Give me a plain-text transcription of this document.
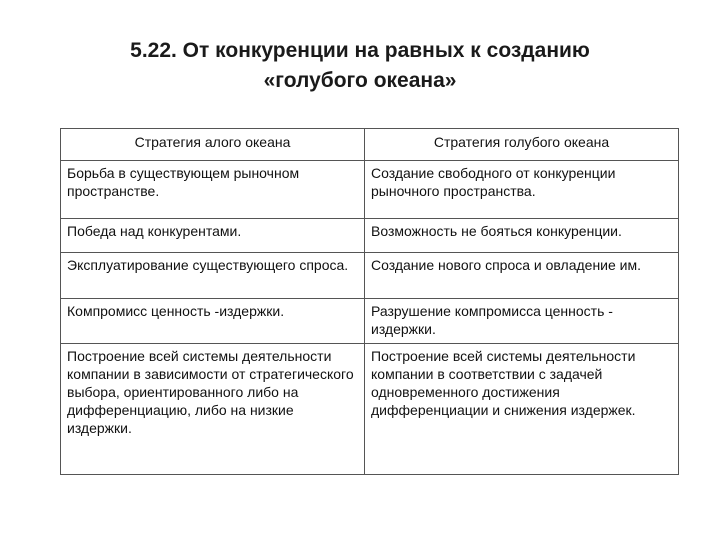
5.22. От конкуренции на равных к созданию
«голубого океана»
Стратегия алого океана	Стратегия голубого океана
Борьба в существующем рыночном пространстве.	Создание свободного от конкуренции рыночного пространства.
Победа над конкурентами.	Возможность не бояться конкуренции.
Эксплуатирование существующего спроса.	Создание нового спроса и овладение им.
Компромисс ценность -издержки.	Разрушение компромисса ценность - издержки.
Построение всей системы деятельности компании в зависимости от стратегического выбора, ориентированного либо на дифференциацию, либо на низкие издержки.	Построение всей системы деятельности компании в соответствии с задачей одновременного достижения дифференциации и снижения издержек.
